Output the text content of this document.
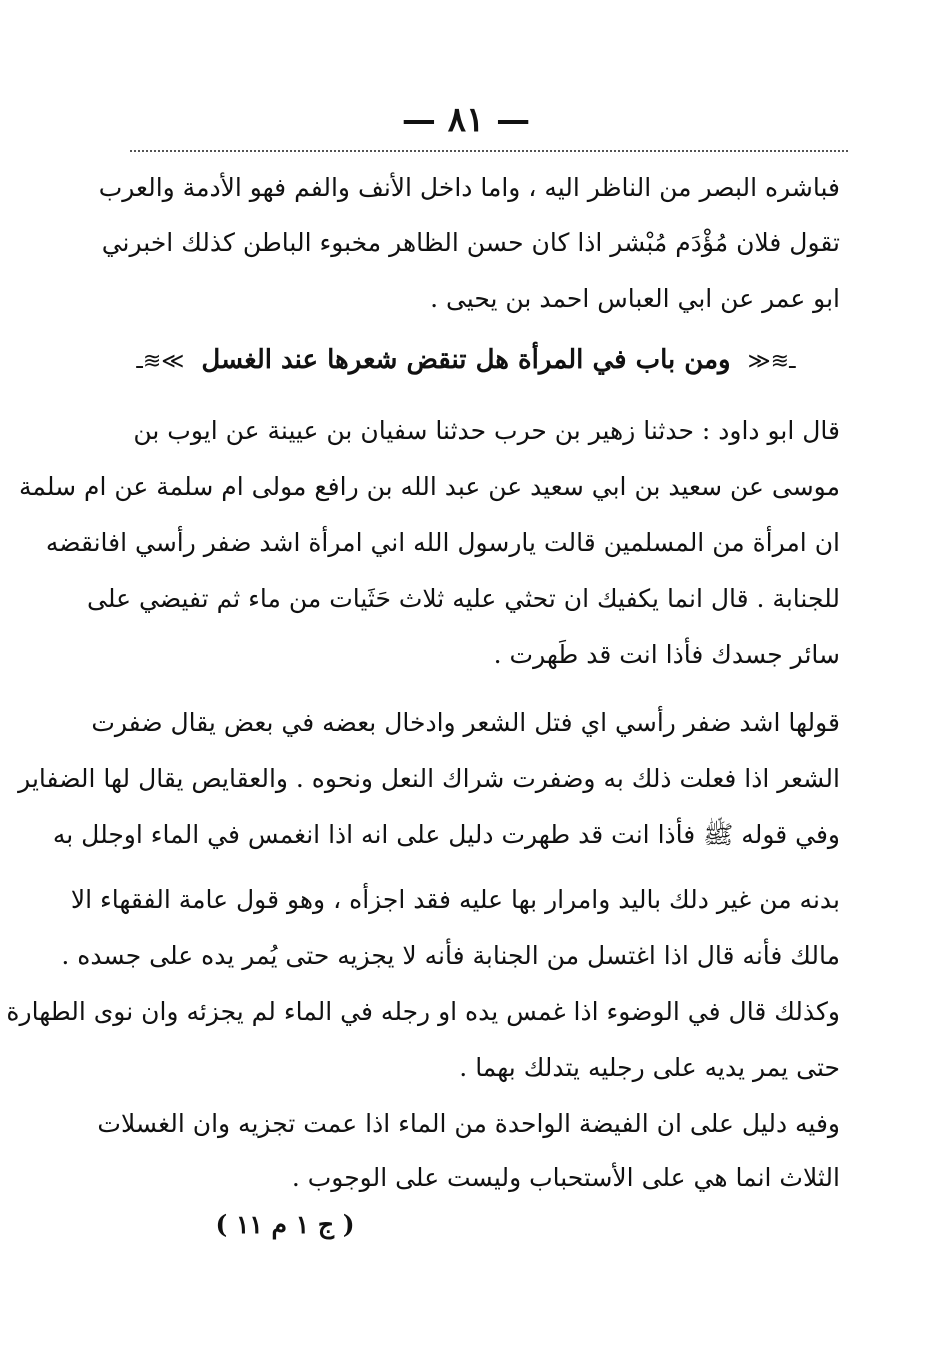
— ٨١ —
فباشره البصر من الناظر اليه ، واما داخل الأنف والفم فهو الأدمة والعرب
تقول فلان مُؤْدَم مُبْشر اذا كان حسن الظاهر مخبوء الباطن كذلك اخبرني
ابو عمر عن ابي العباس احمد بن يحيى .
ـ≋≪ ومن باب في المرأة هل تنقض شعرها عند الغسل ≫≋ـ
قال ابو داود : حدثنا زهير بن حرب حدثنا سفيان بن عيينة عن ايوب بن
موسى عن سعيد بن ابي سعيد عن عبد الله بن رافع مولى ام سلمة عن ام سلمة
ان امرأة من المسلمين قالت يارسول الله اني امرأة اشد ضفر رأسي افانقضه
للجنابة . قال انما يكفيك ان تحثي عليه ثلاث حَثَيات من ماء ثم تفيضي على
سائر جسدك فأذا انت قد طَهرت .
قولها اشد ضفر رأسي اي فتل الشعر وادخال بعضه في بعض يقال ضفرت
الشعر اذا فعلت ذلك به وضفرت شراك النعل ونحوه . والعقايص يقال لها الضفاير
وفي قوله ﷺ فأذا انت قد طهرت دليل على انه اذا انغمس في الماء اوجلل به
بدنه من غير دلك باليد وامرار بها عليه فقد اجزأه ، وهو قول عامة الفقهاء الا
مالك فأنه قال اذا اغتسل من الجنابة فأنه لا يجزيه حتى يُمر يده على جسده .
وكذلك قال في الوضوء اذا غمس يده او رجله في الماء لم يجزئه وان نوى الطهارة
حتى يمر يديه على رجليه يتدلك بهما .
وفيه دليل على ان الفيضة الواحدة من الماء اذا عمت تجزيه وان الغسلات
الثلاث انما هي على الأستحباب وليست على الوجوب .
( ج ١ م ١١ )
